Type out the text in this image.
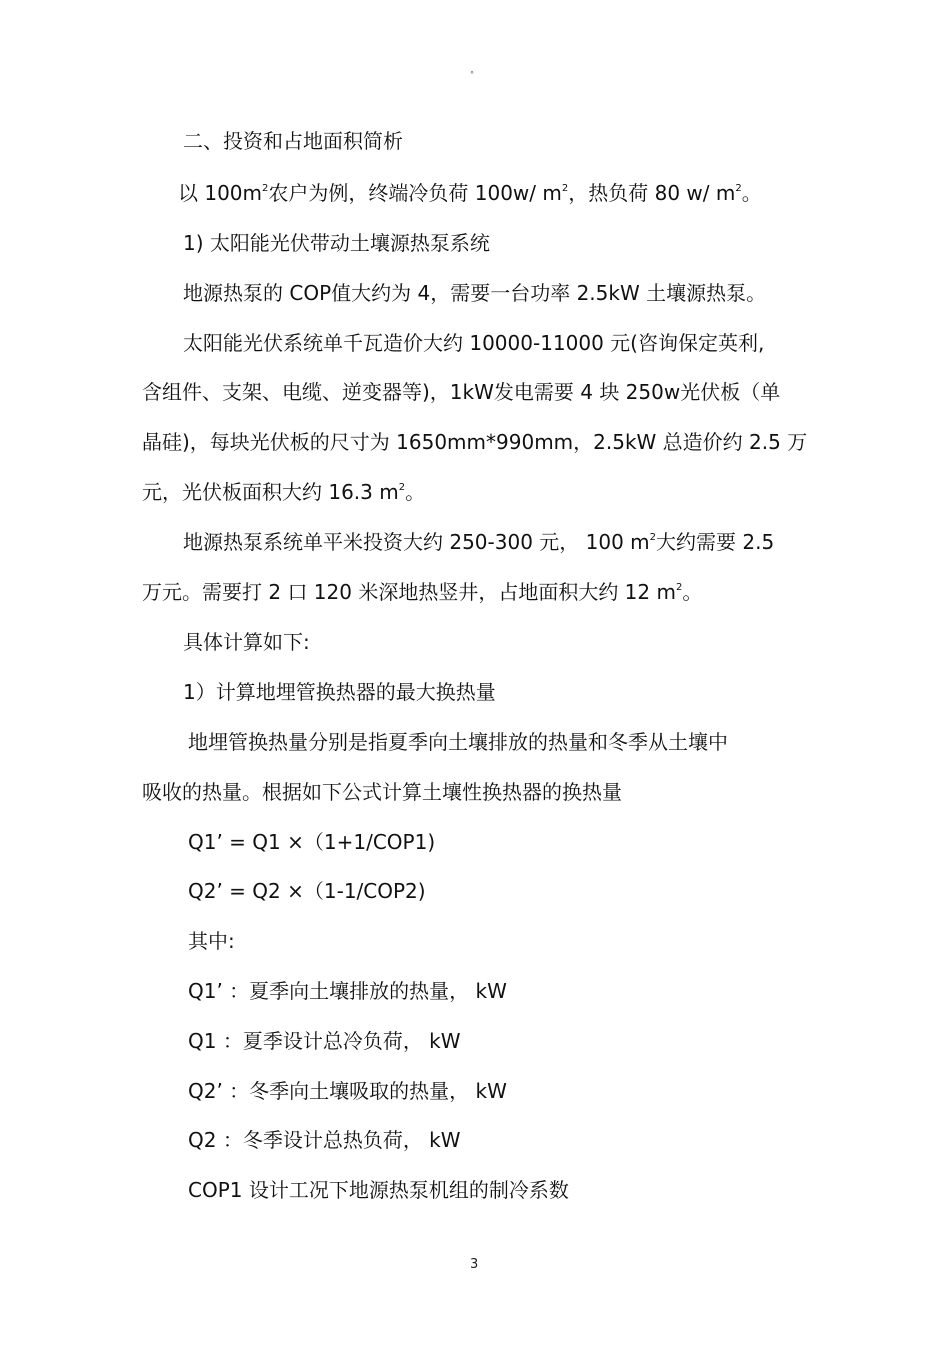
°
二、投资和占地面积简析
以 $100m^2$农户为例，终端冷负荷 100w/ $m^2$，热负荷 80 w/ $m^2$。
1) 太阳能光伏带动土壤源热泵系统
地源热泵的 COP值大约为 4，需要一台功率 2.5kW 土壤源热泵。
太阳能光伏系统单千瓦造价大约 10000-11000 元(咨询保定英利,
含组件、支架、电缆、逆变器等)，1kW发电需要 4 块 250w光伏板（单
晶硅)，每块光伏板的尺寸为 1650mm*990mm，2.5kW 总造价约 2.5 万
元，光伏板面积大约 16.3 $m^2$。
地源热泵系统单平米投资大约 250-300 元， 100 $m^2$大约需要 2.5
万元。需要打 2 口 120 米深地热竖井，占地面积大约 12 $m^2$。
具体计算如下:
1）计算地埋管换热器的最大换热量
地埋管换热量分别是指夏季向土壤排放的热量和冬季从土壤中
吸收的热量。根据如下公式计算土壤性换热器的换热量
Q1’ = Q1 ×（1+1/COP1)
Q2’ = Q2 ×（1-1/COP2)
其中:
Q1’ ：夏季向土壤排放的热量， kW
Q1 ：夏季设计总冷负荷， kW
Q2’ ：冬季向土壤吸取的热量， kW
Q2 ：冬季设计总热负荷， kW
COP1 设计工况下地源热泵机组的制冷系数
3
